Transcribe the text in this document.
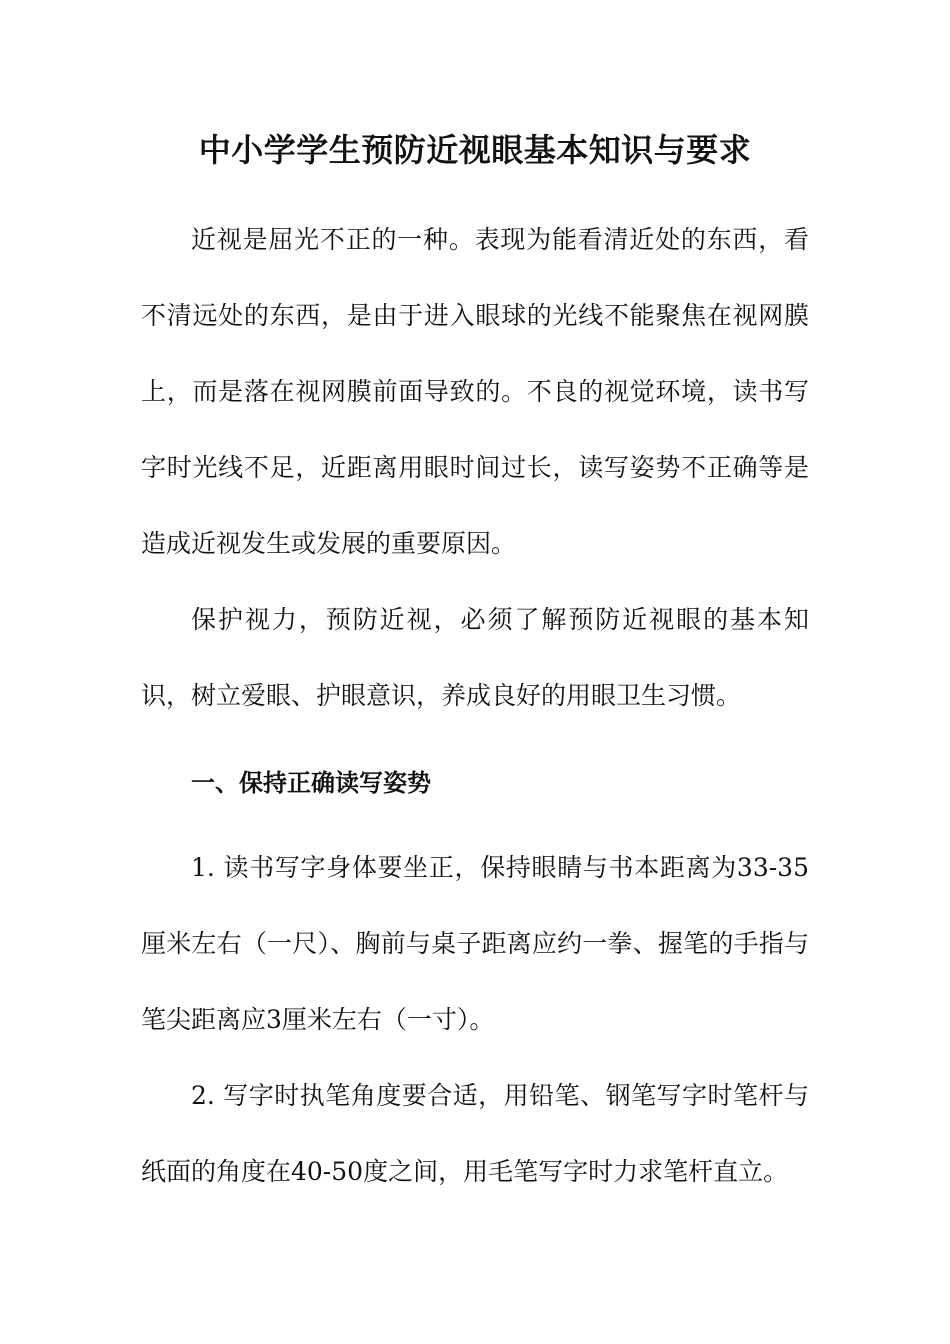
中小学学生预防近视眼基本知识与要求

近视是屈光不正的一种。表现为能看清近处的东西，看不清远处的东西，是由于进入眼球的光线不能聚焦在视网膜上，而是落在视网膜前面导致的。不良的视觉环境，读书写字时光线不足，近距离用眼时间过长，读写姿势不正确等是造成近视发生或发展的重要原因。

保护视力，预防近视，必须了解预防近视眼的基本知识，树立爱眼、护眼意识，养成良好的用眼卫生习惯。

一、保持正确读写姿势

1. 读书写字身体要坐正，保持眼睛与书本距离为33-35厘米左右（一尺）、胸前与桌子距离应约一拳、握笔的手指与笔尖距离应3厘米左右（一寸）。

2. 写字时执笔角度要合适，用铅笔、钢笔写字时笔杆与纸面的角度在40-50度之间，用毛笔写字时力求笔杆直立。
